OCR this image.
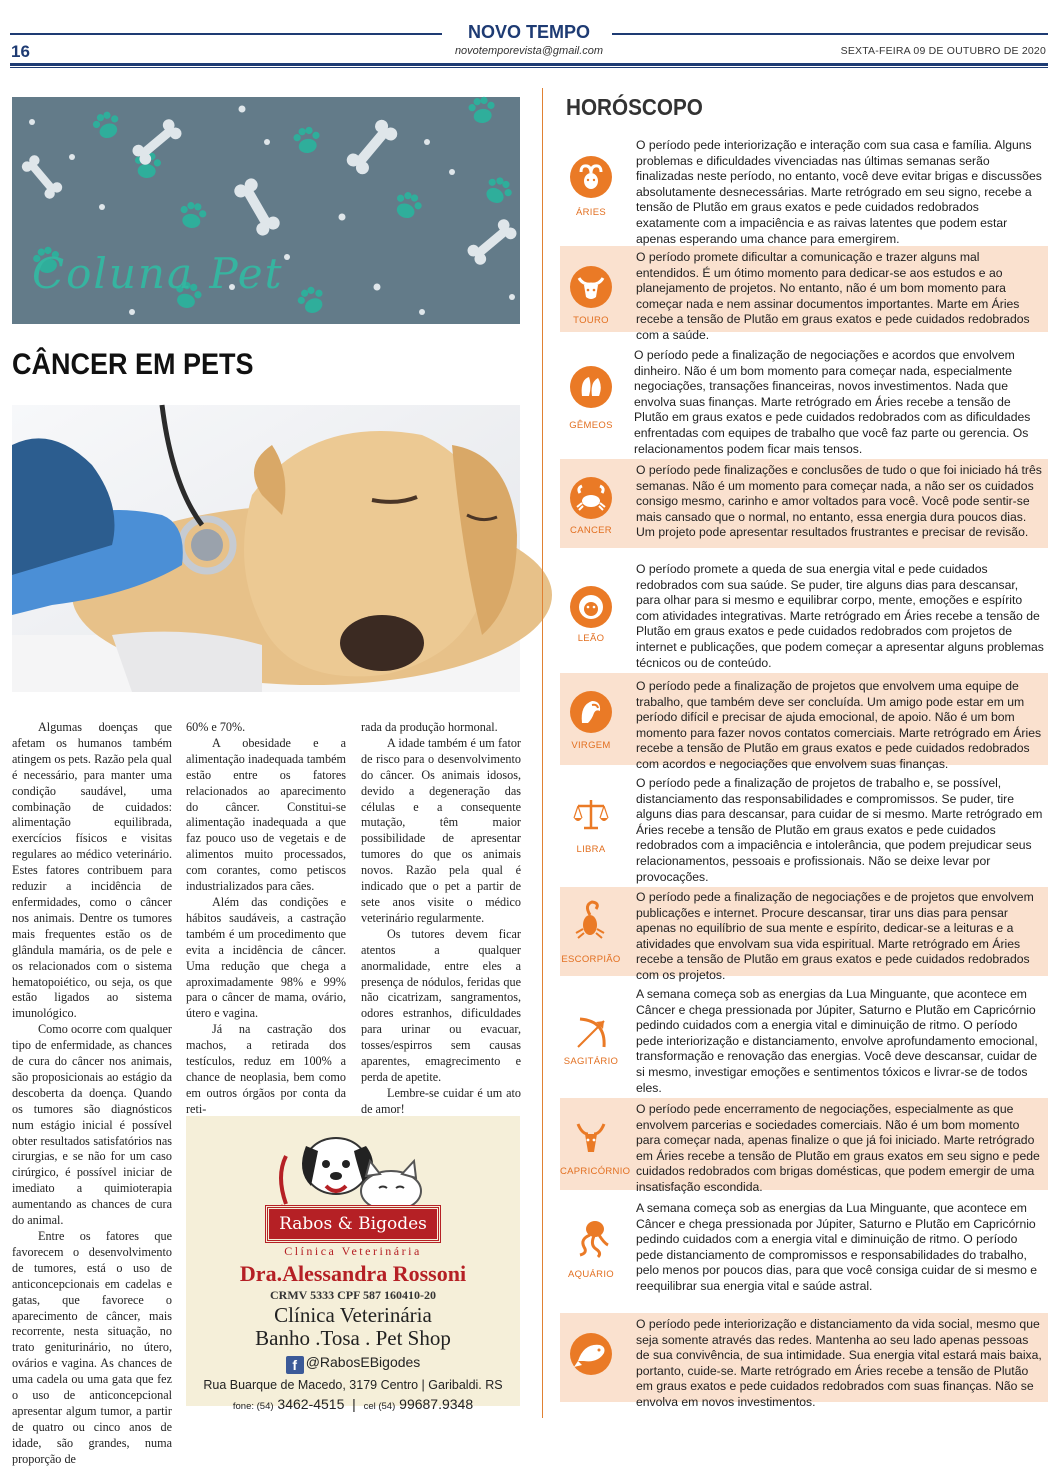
NOVO TEMPO
16	novotemporevista@gmail.com	SEXTA-FEIRA 09 DE OUTUBRO DE 2020
Coluna Pet
CÂNCER EM PETS

Algumas doenças que afetam os humanos também atingem os pets. Razão pela qual é necessário, para manter uma condição saudável, uma combinação de cuidados: alimentação equilibrada, exercícios físicos e visitas regulares ao médico veterinário. Estes fatores contribuem para reduzir a incidência de enfermidades, como o câncer nos animais. Dentre os tumores mais frequentes estão os de glândula mamária, os de pele e os relacionados com o sistema hematopoiético, ou seja, os que estão ligados ao sistema imunológico.

Como ocorre com qualquer tipo de enfermidade, as chances de cura do câncer nos animais, são proposicionais ao estágio da descoberta da doença. Quando os tumores são diagnósticos num estágio inicial é possível obter resultados satisfatórios nas cirurgias, e se não for um caso cirúrgico, é possível iniciar de imediato a quimioterapia aumentando as chances de cura do animal.

Entre os fatores que favorecem o desenvolvimento de tumores, está o uso de anticoncepcionais em cadelas e gatas, que favorece o aparecimento de câncer, mais recorrente, nesta situação, no trato geniturinário, no útero, ovários e vagina. As chances de uma cadela ou uma gata que fez o uso de anticoncepcional apresentar algum tumor, a partir de quatro ou cinco anos de idade, são grandes, numa proporção de

60% e 70%.

A obesidade e a alimentação inadequada também estão entre os fatores relacionados ao aparecimento do câncer. Constitui-se alimentação inadequada a que faz pouco uso de vegetais e de alimentos muito processados, com corantes, como petiscos industrializados para cães.

Além das condições e hábitos saudáveis, a castração também é um procedimento que evita a incidência de câncer. Uma redução que chega a aproximadamente 98% e 99% para o câncer de mama, ovário, útero e vagina.

Já na castração dos machos, a retirada dos testículos, reduz em 100% a chance de neoplasia, bem como em outros órgãos por conta da reti-

rada da produção hormonal.

A idade também é um fator de risco para o desenvolvimento do câncer. Os animais idosos, devido a degeneração das células e a consequente mutação, têm maior possibilidade de apresentar tumores do que os animais novos. Razão pela qual é indicado que o pet a partir de sete anos visite o médico veterinário regularmente.

Os tutores devem ficar atentos a qualquer anormalidade, entre eles a presença de nódulos, feridas que não cicatrizam, sangramentos, odores estranhos, dificuldades para urinar ou evacuar, tosses/espirros sem causas aparentes, emagrecimento e perda de apetite.

Lembre-se cuidar é um ato de amor!

Rabos & Bigodes
Clínica Veterinária
Dra.Alessandra Rossoni
CRMV 5333 CPF 587 160410-20
Clínica Veterinária
Banho .Tosa . Pet Shop
f @RabosEBigodes
Rua Buarque de Macedo, 3179 Centro | Garibaldi. RS
fone: (54) 3462-4515  |  cel (54) 99687.9348
HORÓSCOPO
ÁRIES
O período pede interiorização e interação com sua casa e família. Alguns problemas e dificuldades vivenciadas nas últimas semanas serão finalizadas neste período, no entanto, você deve evitar brigas e discussões absolutamente desnecessárias. Marte retrógrado em seu signo, recebe a tensão de Plutão em graus exatos e pede cuidados redobrados exatamente com a impaciência e as raivas latentes que podem estar apenas esperando uma chance para emergirem.
TOURO
O período promete dificultar a comunicação e trazer alguns mal entendidos. É um ótimo momento para dedicar-se aos estudos e ao planejamento de projetos. No entanto, não é um bom momento para começar nada e nem assinar documentos importantes. Marte em Áries recebe a tensão de Plutão em graus exatos e pede cuidados redobrados com a saúde.
GÊMEOS
O período pede a finalização de negociações e acordos que envolvem dinheiro. Não é um bom momento para começar nada, especialmente negociações, transações financeiras, novos investimentos. Nada que envolva suas finanças. Marte retrógrado em Áries recebe a tensão de Plutão em graus exatos e pede cuidados redobrados com as dificuldades enfrentadas com equipes de trabalho que você faz parte ou gerencia. Os relacionamentos podem ficar mais tensos.
CANCER
O período pede finalizações e conclusões de tudo o que foi iniciado há três semanas. Não é um momento para começar nada, a não ser os cuidados consigo mesmo, carinho e amor voltados para você. Você pode sentir-se mais cansado que o normal, no entanto, essa energia dura poucos dias. Um projeto pode apresentar resultados frustrantes e precisar de revisão.
LEÃO
O período promete a queda de sua energia vital e pede cuidados redobrados com sua saúde. Se puder, tire alguns dias para descansar, para olhar para si mesmo e equilibrar corpo, mente, emoções e espírito com atividades integrativas. Marte retrógrado em Áries recebe a tensão de Plutão em graus exatos e pede cuidados redobrados com projetos de internet e publicações, que podem começar a apresentar alguns problemas técnicos ou de conteúdo.
VIRGEM
O período pede a finalização de projetos que envolvem uma equipe de trabalho, que também deve ser concluída. Um amigo pode estar em um período difícil e precisar de ajuda emocional, de apoio. Não é um bom momento para fazer novos contatos comerciais. Marte retrógrado em Áries recebe a tensão de Plutão em graus exatos e pede cuidados redobrados com acordos e negociações que envolvem suas finanças.
LIBRA
O período pede a finalização de projetos de trabalho e, se possível, distanciamento das responsabilidades e compromissos. Se puder, tire alguns dias para descansar, para cuidar de si mesmo. Marte retrógrado em Áries recebe a tensão de Plutão em graus exatos e pede cuidados redobrados com a impaciência e intolerância, que podem prejudicar seus relacionamentos, pessoais e profissionais. Não se deixe levar por provocações.
ESCORPIÃO
O período pede a finalização de negociações e de projetos que envolvem publicações e internet. Procure descansar, tirar uns dias para pensar apenas no equilíbrio de sua mente e espírito, dedicar-se a leituras e a atividades que envolvam sua vida espiritual. Marte retrógrado em Áries recebe a tensão de Plutão em graus exatos e pede cuidados redobrados com os projetos.
SAGITÁRIO
A semana começa sob as energias da Lua Minguante, que acontece em Câncer e chega pressionada por Júpiter, Saturno e Plutão em Capricórnio pedindo cuidados com a energia vital e diminuição de ritmo. O período pede interiorização e distanciamento, envolve aprofundamento emocional, transformação e renovação das energias. Você deve descansar, cuidar de si mesmo, investigar emoções e sentimentos tóxicos e livrar-se de todos eles.
CAPRICÓRNIO
O período pede encerramento de negociações, especialmente as que envolvem parcerias e sociedades comerciais. Não é um bom momento para começar nada, apenas finalize o que já foi iniciado. Marte retrógrado em Áries recebe a tensão de Plutão em graus exatos em seu signo e pede cuidados redobrados com brigas domésticas, que podem emergir de uma insatisfação escondida.
AQUÁRIO
A semana começa sob as energias da Lua Minguante, que acontece em Câncer e chega pressionada por Júpiter, Saturno e Plutão em Capricórnio pedindo cuidados com a energia vital e diminuição de ritmo. O período pede distanciamento de compromissos e responsabilidades do trabalho, pelo menos por poucos dias, para que você consiga cuidar de si mesmo e reequilibrar sua energia vital e saúde astral.
O período pede interiorização e distanciamento da vida social, mesmo que seja somente através das redes. Mantenha ao seu lado apenas pessoas de sua convivência, de sua intimidade. Sua energia vital estará mais baixa, portanto, cuide-se. Marte retrógrado em Áries recebe a tensão de Plutão em graus exatos e pede cuidados redobrados com suas finanças. Não se envolva em novos investimentos.
